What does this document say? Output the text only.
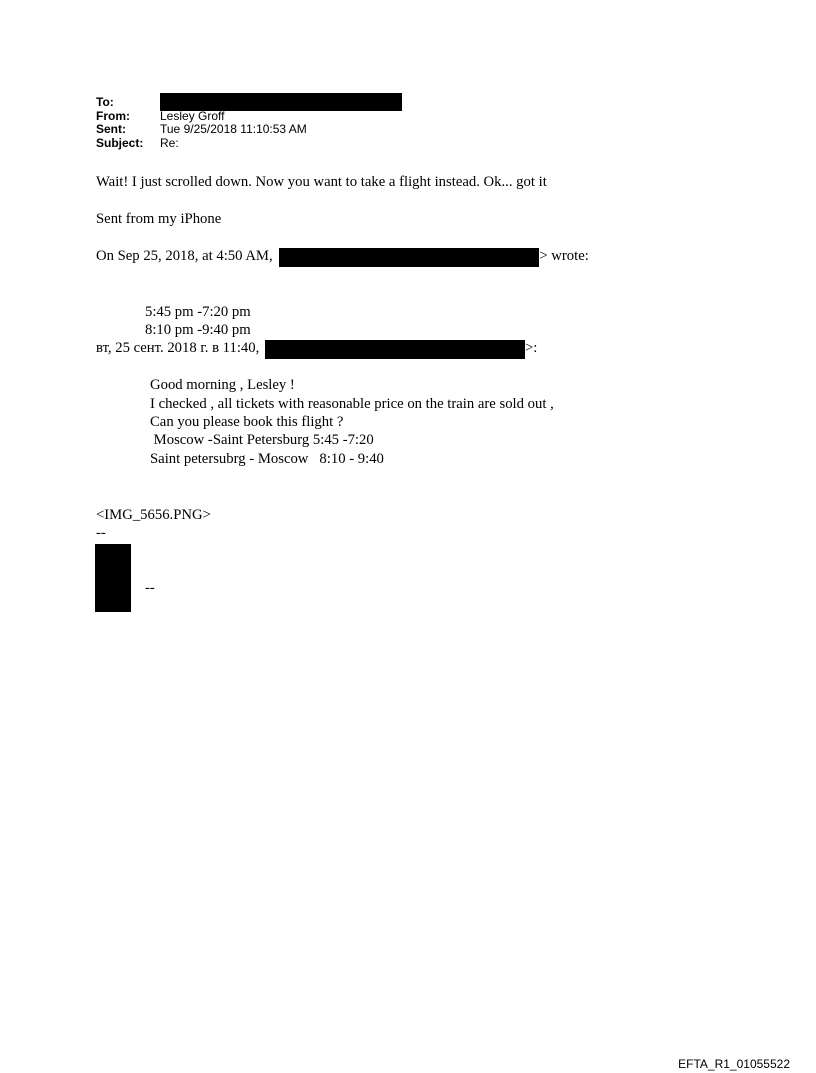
To:
From:	Lesley Groff
Sent:	Tue 9/25/2018 11:10:53 AM
Subject:	Re:
Wait! I just scrolled down. Now you want to take a flight instead. Ok... got it
Sent from my iPhone
On Sep 25, 2018, at 4:50 AM,	> wrote:
5:45 pm -7:20 pm
8:10 pm -9:40 pm
вт, 25 сент. 2018 г. в 11:40,	>:
Good morning , Lesley !
I checked , all tickets with reasonable price on the train are sold out ,
Can you please book this flight ?
Moscow -Saint Petersburg 5:45 -7:20
Saint petersubrg - Moscow   8:10 - 9:40
<IMG_5656.PNG>
--
--
EFTA_R1_01055522
